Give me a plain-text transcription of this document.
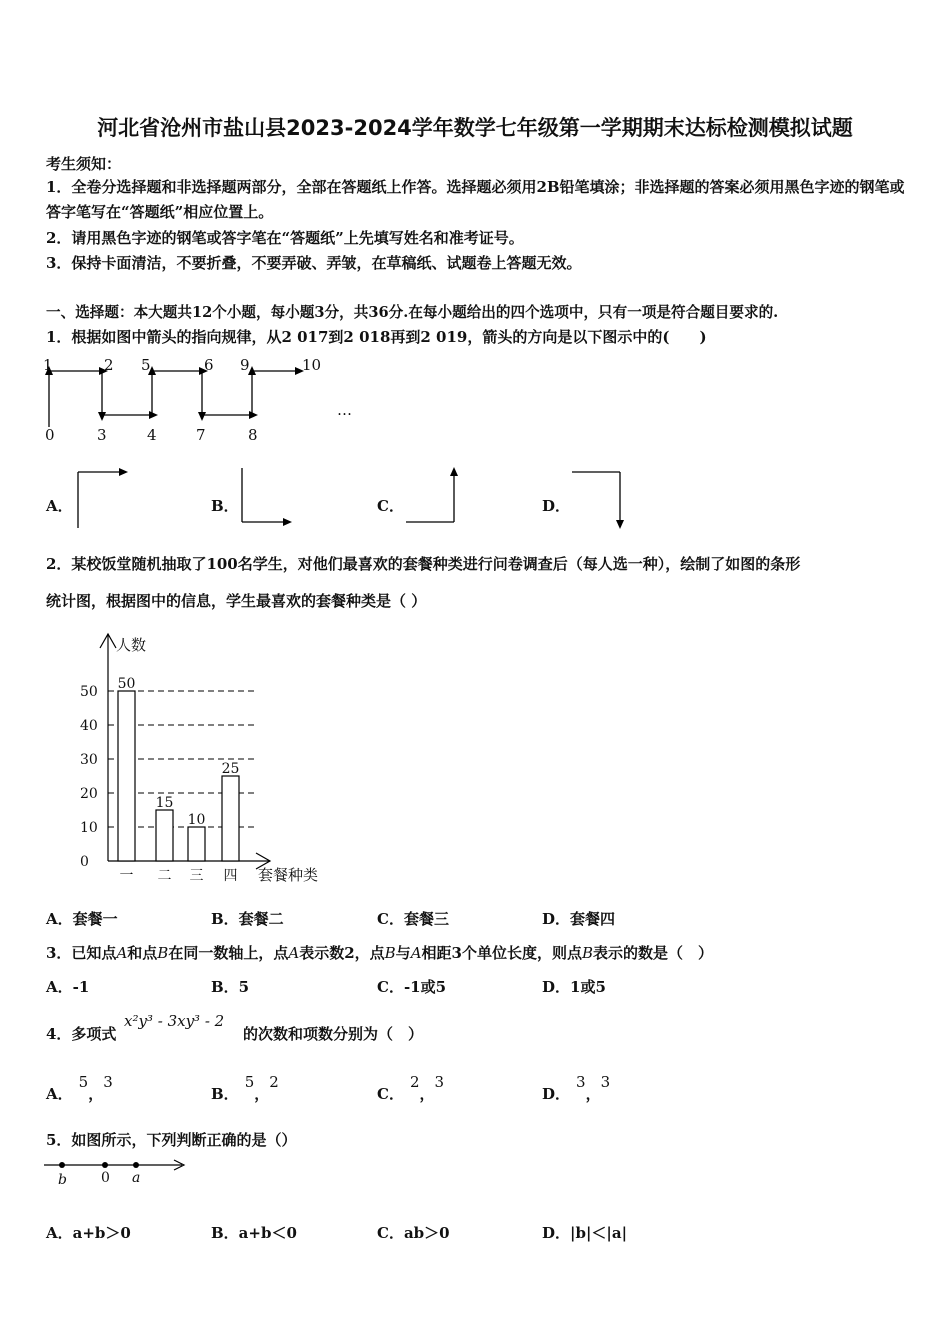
河北省沧州市盐山县2023-2024学年数学七年级第一学期期末达标检测模拟试题
考生须知：
1．全卷分选择题和非选择题两部分，全部在答题纸上作答。选择题必须用2B铅笔填涂；非选择题的答案必须用黑色字迹的钢笔或答字笔写在“答题纸”相应位置上。
2．请用黑色字迹的钢笔或答字笔在“答题纸”上先填写姓名和准考证号。
3．保持卡面清洁，不要折叠，不要弄破、弄皱，在草稿纸、试题卷上答题无效。
一、选择题：本大题共12个小题，每小题3分，共36分.在每小题给出的四个选项中，只有一项是符合题目要求的.
1．根据如图中箭头的指向规律，从2 017到2 018再到2 019，箭头的方向是以下图示中的(　　)
1	2 5	6 9	10
0	3	4	7	8
…
A．	B．	C．	D．
2．某校饭堂随机抽取了100名学生，对他们最喜欢的套餐种类进行问卷调查后（每人选一种），绘制了如图的条形
统计图，根据图中的信息，学生最喜欢的套餐种类是（ ）
0
10
20
30
40
50
一 二 三 四
50
15
10
25
人数
套餐种类
A．套餐一	B．套餐二	C．套餐三	D．套餐四
3．已知点A和点B在同一数轴上，点A表示数2，点B与A相距3个单位长度，则点B表示的数是（　）
A．-1	B．5	C．-1或5	D．1或5
4．多项式
x²y³ - 3xy³ - 2
的次数和项数分别为（　）
A．5，3
B．5，2
C．2，3
D．3，3
5．如图所示，下列判断正确的是（）
b 0 a
A．a+b＞0	B．a+b＜0	C．ab＞0	D．|b|＜|a|
